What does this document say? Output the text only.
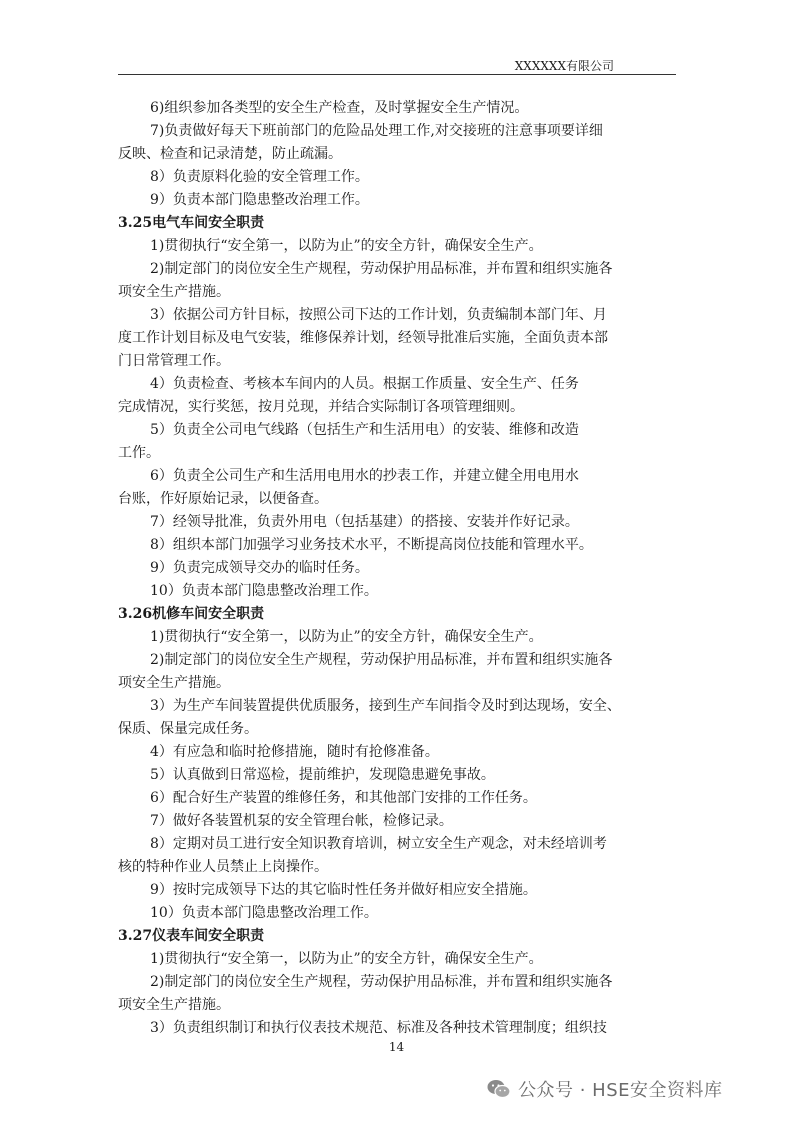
XXXXXX有限公司
6)组织参加各类型的安全生产检查，及时掌握安全生产情况。
7)负责做好每天下班前部门的危险品处理工作,对交接班的注意事项要详细
反映、检查和记录清楚，防止疏漏。
8）负责原料化验的安全管理工作。
9）负责本部门隐患整改治理工作。
3.25电气车间安全职责
1)贯彻执行“安全第一，以防为止”的安全方针，确保安全生产。
2)制定部门的岗位安全生产规程，劳动保护用品标准，并布置和组织实施各
项安全生产措施。
3）依据公司方针目标，按照公司下达的工作计划，负责编制本部门年、月
度工作计划目标及电气安装，维修保养计划，经领导批准后实施，全面负责本部
门日常管理工作。
4）负责检查、考核本车间内的人员。根据工作质量、安全生产、任务
完成情况，实行奖惩，按月兑现，并结合实际制订各项管理细则。
5）负责全公司电气线路（包括生产和生活用电）的安装、维修和改造
工作。
6）负责全公司生产和生活用电用水的抄表工作，并建立健全用电用水
台账，作好原始记录，以便备查。
7）经领导批准，负责外用电（包括基建）的搭接、安装并作好记录。
8）组织本部门加强学习业务技术水平，不断提高岗位技能和管理水平。
9）负责完成领导交办的临时任务。
10）负责本部门隐患整改治理工作。
3.26机修车间安全职责
1)贯彻执行“安全第一，以防为止”的安全方针，确保安全生产。
2)制定部门的岗位安全生产规程，劳动保护用品标准，并布置和组织实施各
项安全生产措施。
3）为生产车间装置提供优质服务，接到生产车间指令及时到达现场，安全、
保质、保量完成任务。
4）有应急和临时抢修措施，随时有抢修准备。
5）认真做到日常巡检，提前维护，发现隐患避免事故。
6）配合好生产装置的维修任务，和其他部门安排的工作任务。
7）做好各装置机泵的安全管理台帐，检修记录。
8）定期对员工进行安全知识教育培训，树立安全生产观念，对未经培训考
核的特种作业人员禁止上岗操作。
9）按时完成领导下达的其它临时性任务并做好相应安全措施。
10）负责本部门隐患整改治理工作。
3.27仪表车间安全职责
1)贯彻执行“安全第一，以防为止”的安全方针，确保安全生产。
2)制定部门的岗位安全生产规程，劳动保护用品标准，并布置和组织实施各
项安全生产措施。
3）负责组织制订和执行仪表技术规范、标准及各种技术管理制度；组织技
14
公众号 · HSE安全资料库
